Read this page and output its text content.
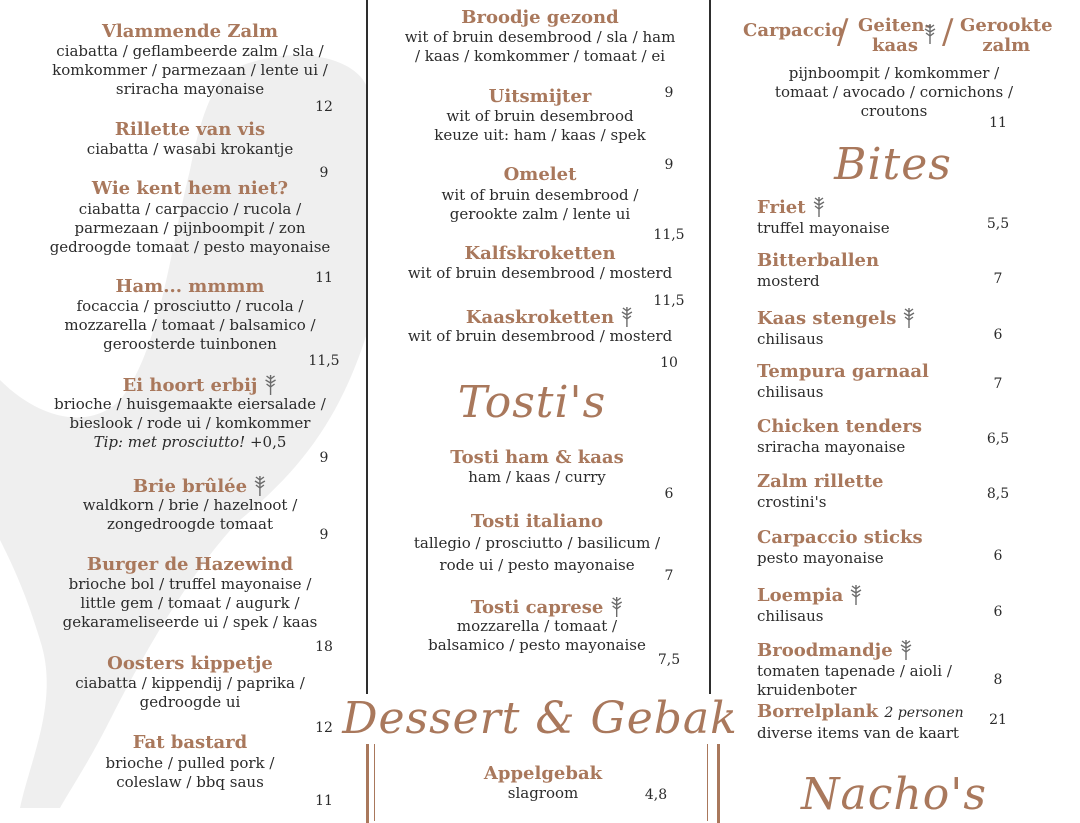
Vlammende Zalm
ciabatta / geflambeerde zalm / sla /
komkommer / parmezaan / lente ui /
sriracha mayonaise
12
Rillette van vis
ciabatta / wasabi krokantje
9
Wie kent hem niet?
ciabatta / carpaccio / rucola /
parmezaan / pijnboompit / zon
gedroogde tomaat / pesto mayonaise
11
Ham... mmmm
focaccia / prosciutto / rucola /
mozzarella / tomaat / balsamico /
geroosterde tuinbonen
11,5
Ei hoort erbij
brioche / huisgemaakte eiersalade /
bieslook / rode ui / komkommer
Tip: met prosciutto! +0,5
9
Brie brûlée
waldkorn / brie / hazelnoot /
zongedroogde tomaat
9
Burger de Hazewind
brioche bol / truffel mayonaise /
little gem / tomaat / augurk /
gekarameliseerde ui / spek / kaas
18
Oosters kippetje
ciabatta / kippendij / paprika /
gedroogde ui
12
Fat bastard
brioche / pulled pork /
coleslaw / bbq saus
11
Broodje gezond
wit of bruin desembrood / sla / ham
/ kaas / komkommer / tomaat / ei
9
Uitsmijter
wit of bruin desembrood
keuze uit: ham / kaas / spek
9
Omelet
wit of bruin desembrood /
gerookte zalm / lente ui
11,5
Kalfskroketten
wit of bruin desembrood / mosterd
11,5
Kaaskroketten
wit of bruin desembrood / mosterd
10
Tosti's
Tosti ham & kaas
ham / kaas / curry
6
Tosti italiano
tallegio / prosciutto / basilicum /
rode ui / pesto mayonaise
7
Tosti caprese
mozzarella / tomaat /
balsamico / pesto mayonaise
7,5
Dessert & Gebak
Appelgebak
slagroom	4,8
Carpaccio
/ Geiten-
kaas / Gerookte
zalm
pijnboompit / komkommer /
tomaat / avocado / cornichons /
croutons
11
Bites
Friet
truffel mayonaise	5,5
Bitterballen
mosterd	7
Kaas stengels
chilisaus	6
Tempura garnaal
chilisaus	7
Chicken tenders
sriracha mayonaise	6,5
Zalm rillette
crostini's	8,5
Carpaccio sticks
pesto mayonaise	6
Loempia
chilisaus	6
Broodmandje
tomaten tapenade / aioli /
kruidenboter
8
Borrelplank 2 personen
diverse items van de kaart
21
Nacho's
